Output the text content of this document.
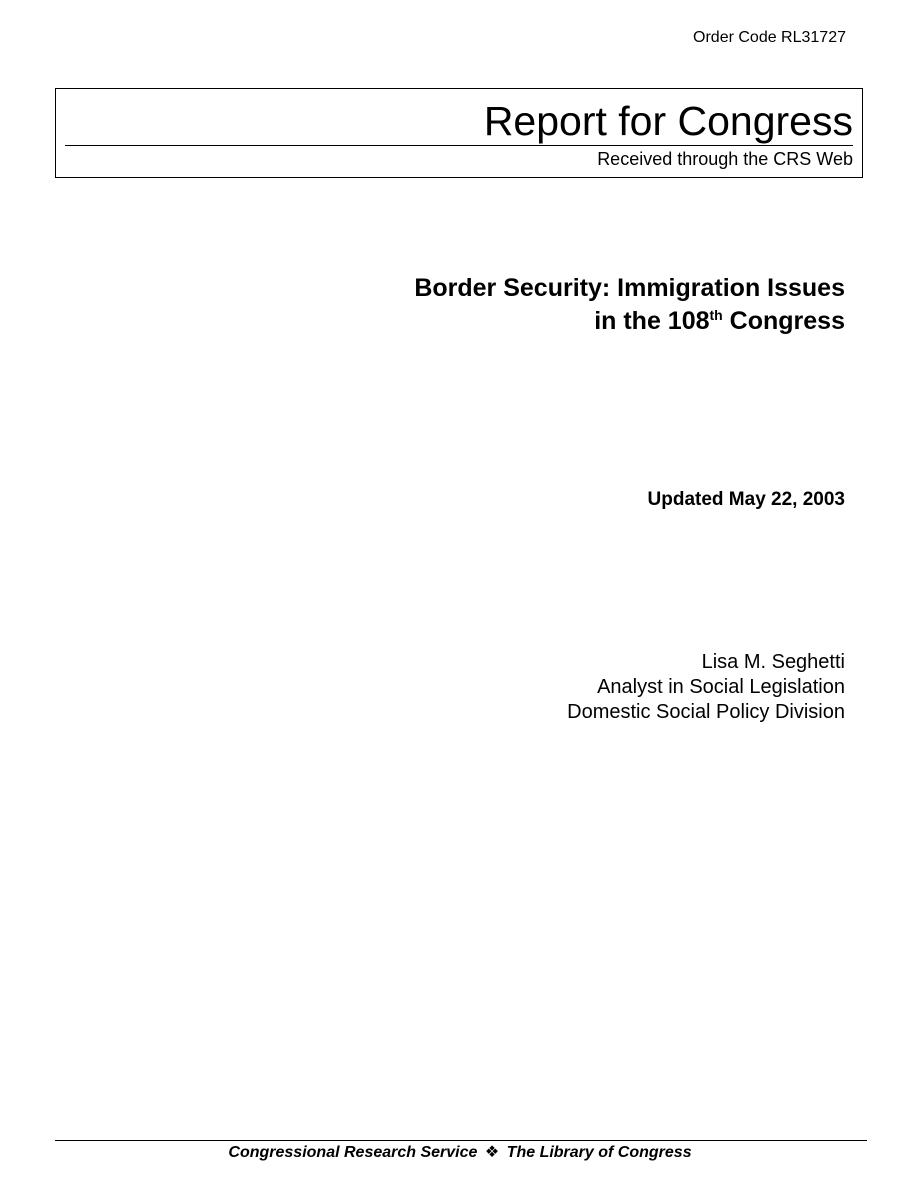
Order Code RL31727
Report for Congress
Received through the CRS Web
Border Security: Immigration Issues
in the 108th Congress
Updated May 22, 2003
Lisa M. Seghetti
Analyst in Social Legislation
Domestic Social Policy Division
Congressional Research Service ❖ The Library of Congress
